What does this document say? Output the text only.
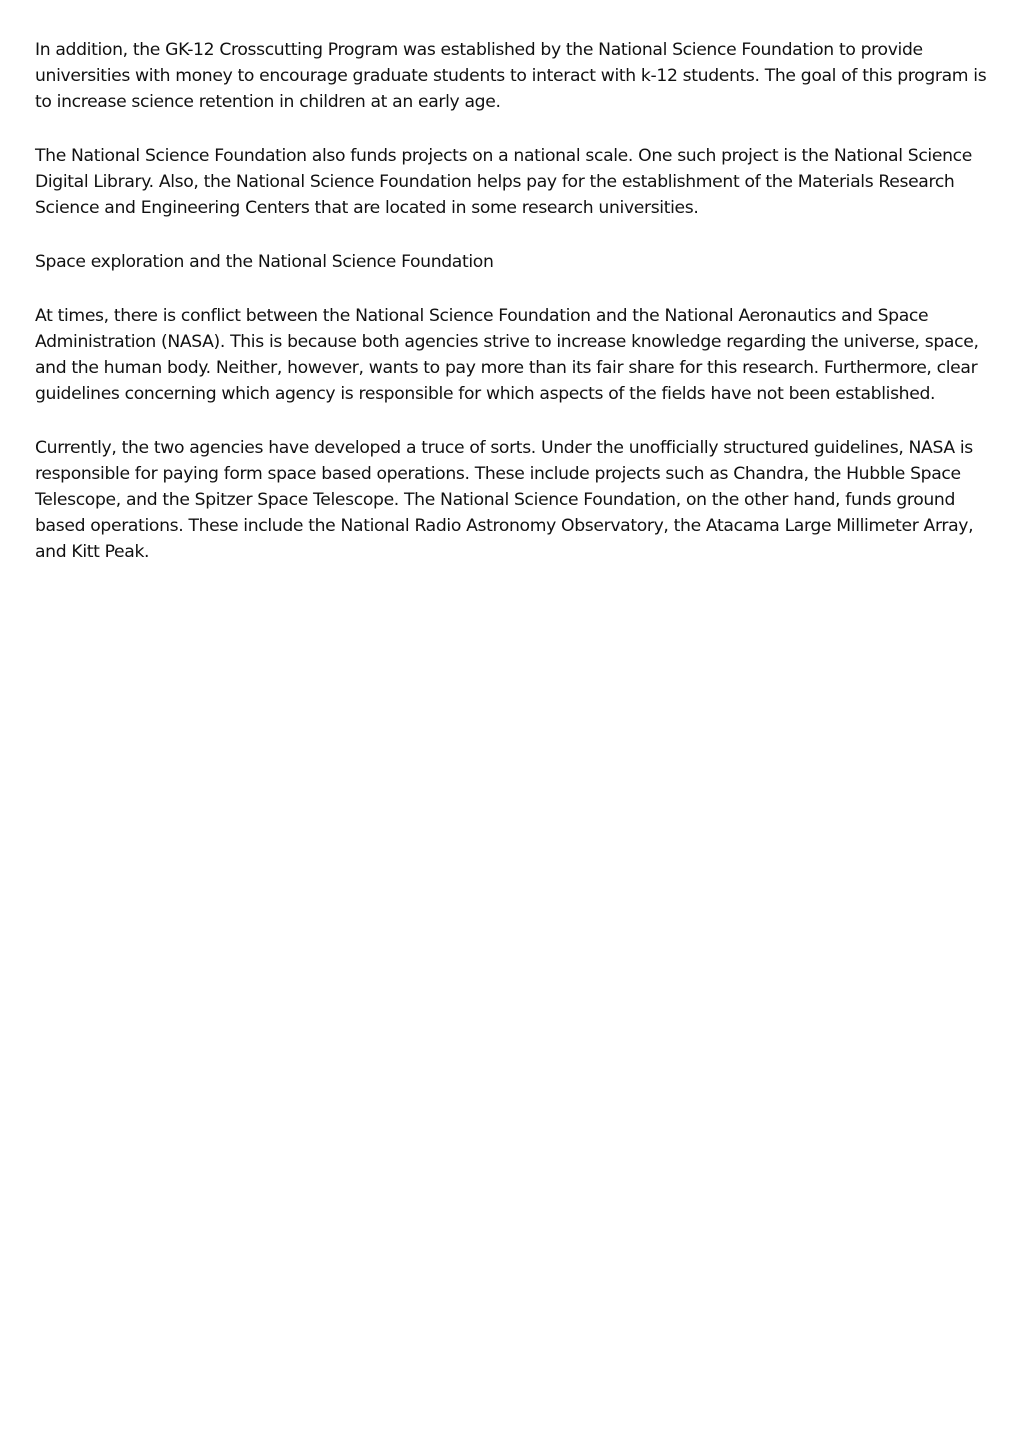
In addition, the GK-12 Crosscutting Program was established by the National Science Foundation to provide universities with money to encourage graduate students to interact with k-12 students. The goal of this program is to increase science retention in children at an early age.

The National Science Foundation also funds projects on a national scale. One such project is the National Science Digital Library. Also, the National Science Foundation helps pay for the establishment of the Materials Research Science and Engineering Centers that are located in some research universities.

Space exploration and the National Science Foundation

At times, there is conflict between the National Science Foundation and the National Aeronautics and Space Administration (NASA). This is because both agencies strive to increase knowledge regarding the universe, space, and the human body. Neither, however, wants to pay more than its fair share for this research. Furthermore, clear guidelines concerning which agency is responsible for which aspects of the fields have not been established.

Currently, the two agencies have developed a truce of sorts. Under the unofficially structured guidelines, NASA is responsible for paying form space based operations. These include projects such as Chandra, the Hubble Space Telescope, and the Spitzer Space Telescope. The National Science Foundation, on the other hand, funds ground based operations. These include the National Radio Astronomy Observatory, the Atacama Large Millimeter Array, and Kitt Peak.
